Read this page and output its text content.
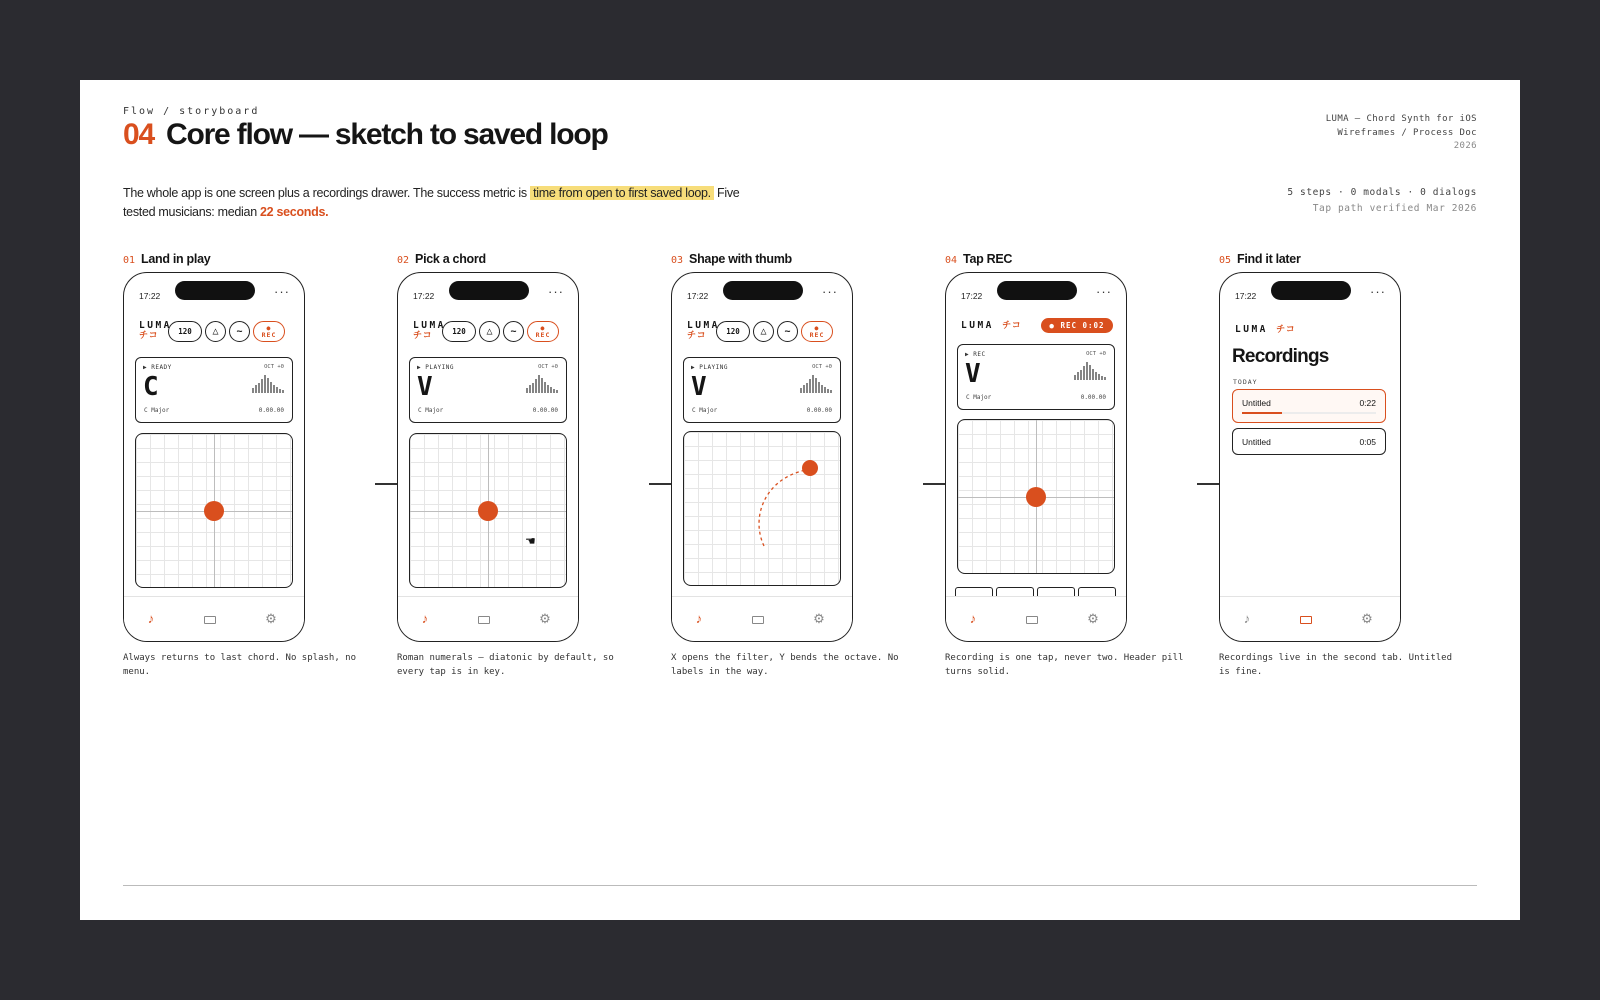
Flow / storyboard
04 Core flow — sketch to saved loop	LUMA — Chord Synth for iOS
Wireframes / Process Doc
2026

The whole app is one screen plus a recordings drawer. The success metric is time from open to first saved loop. Five tested musicians: median 22 seconds.

5 steps · 0 modals · 0 dialogs
Tap path verified Mar 2026
01 Land in play
17:22	···
LUMA
チコ	120	△	~	●
REC
▶ READY	OCT +0
C
C Major	0.00.00
♪	⚙
Always returns to last chord. No splash, no menu.
02 Pick a chord
17:22	···
LUMA
チコ	120	△	~	●
REC
▶ PLAYING	OCT +0
V
C Major	0.00.00
☚
♪	⚙
Roman numerals — diatonic by default, so every tap is in key.
03 Shape with thumb
17:22	···
LUMA
チコ	120	△	~	●
REC
▶ PLAYING	OCT +0
V
C Major	0.00.00
♪	⚙
X opens the filter, Y bends the octave. No labels in the way.
04 Tap REC
17:22	···
LUMA チコ	● REC 0:02
▶ REC	OCT +0
V
C Major	0.00.00
♪	⚙
Recording is one tap, never two. Header pill turns solid.
05 Find it later
17:22	···
LUMA チコ
Recordings
TODAY
Untitled	0:22
Untitled	0:05
♪	⚙
Recordings live in the second tab. Untitled is fine.
